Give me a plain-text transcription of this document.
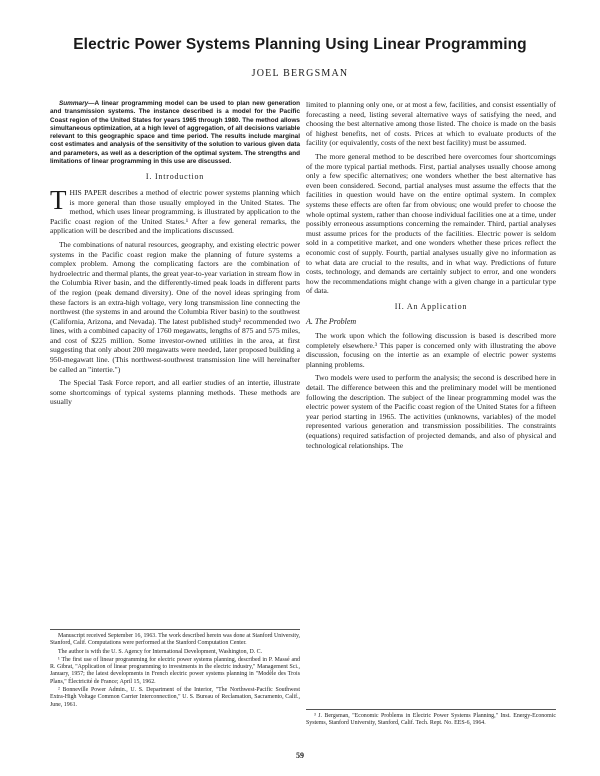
Electric Power Systems Planning Using Linear Programming
JOEL BERGSMAN

Summary—A linear programming model can be used to plan new generation and transmission systems. The instance described is a model for the Pacific Coast region of the United States for years 1965 through 1980. The method allows simultaneous optimization, at a high level of aggregation, of all decisions variable relevant to this geographic space and time period. The results include marginal cost estimates and analysis of the sensitivity of the solution to various given data and parameters, as well as a description of the optimal system. The strengths and limitations of linear programming in this use are discussed.

I. Introduction

THIS PAPER describes a method of electric power systems planning which is more general than those usually employed in the United States. The method, which uses linear programming, is illustrated by application to the Pacific coast region of the United States.¹ After a few general remarks, the application will be described and the implications discussed.

The combinations of natural resources, geography, and existing electric power systems in the Pacific coast region make the planning of future systems a complex problem. Among the complicating factors are the combination of hydroelectric and thermal plants, the great year-to-year variation in stream flow in the Columbia River basin, and the differently-timed peak loads in different parts of the region (peak demand diversity). One of the novel ideas springing from these factors is an extra-high voltage, very long transmission line connecting the northwest (the systems in and around the Columbia River basin) to the southwest (California, Arizona, and Nevada). The latest published study² recommended two lines, with a combined capacity of 1760 megawatts, lengths of 875 and 575 miles, and cost of $225 million. Some investor-owned utilities in the area, at first suggesting that only about 200 megawatts were needed, later proposed building a 950-megawatt line. (This northwest-southwest transmission line will hereinafter be called an "intertie.")

The Special Task Force report, and all earlier studies of an intertie, illustrate some shortcomings of typical systems planning methods. These methods are usually

Manuscript received September 16, 1963. The work described herein was done at Stanford University, Stanford, Calif. Computations were performed at the Stanford Computation Center.

The author is with the U. S. Agency for International Development, Washington, D. C.

¹ The first use of linear programming for electric power systems planning, described in P. Massé and R. Gibrat, "Application of linear programming to investments in the electric industry," Management Sci., January, 1957; the latest developments in French electric power systems planning in "Modèle des Trois Plans," Électricité de France; April 15, 1962.

² Bonneville Power Admin., U. S. Department of the Interior, "The Northwest-Pacific Southwest Extra-High Voltage Common Carrier Interconnection," U. S. Bureau of Reclamation, Sacramento, Calif., June, 1961.

limited to planning only one, or at most a few, facilities, and consist essentially of forecasting a need, listing several alternative ways of satisfying the need, and choosing the best alternative among those listed. The choice is made on the basis of highest benefits, net of costs. Prices at which to evaluate products of the facility (or equivalently, costs of the next best facility) must be assumed.

The more general method to be described here overcomes four shortcomings of the more typical partial methods. First, partial analyses usually choose among only a few specific alternatives; one wonders whether the best alternative has even been considered. Second, partial analyses must assume the effects that the facilities in question would have on the entire optimal system. In complex systems these effects are often far from obvious; one would prefer to choose the whole optimal system, rather than choose individual facilities one at a time, under possibly erroneous assumptions concerning the remainder. Third, partial analyses must assume prices for the products of the facilities. Electric power is seldom sold in a competitive market, and one wonders whether these prices reflect the economic cost of supply. Fourth, partial analyses usually give no information as to what data are crucial to the results, and in what way. Predictions of future costs, technology, and demands are certainly subject to error, and one wonders how the recommendations might change with a given change in a particular type of data.

II. An Application
A. The Problem

The work upon which the following discussion is based is described more completely elsewhere.³ This paper is concerned only with illustrating the above discussion, focusing on the intertie as an example of electric power systems planning problems.

Two models were used to perform the analysis; the second is described here in detail. The difference between this and the preliminary model will be mentioned following the description. The subject of the linear programming model was the electric power system of the Pacific coast region of the United States for a fifteen year period starting in 1965. The activities (unknowns, variables) of the model represented various generation and transmission possibilities. The constraints (equations) required satisfaction of projected demands, and also of physical and technological relationships. The

³ J. Bergsman, "Economic Problems in Electric Power Systems Planning," Inst. Energy-Economic Systems, Stanford University, Stanford, Calif. Tech. Rept. No. EES-6, 1964.

59
